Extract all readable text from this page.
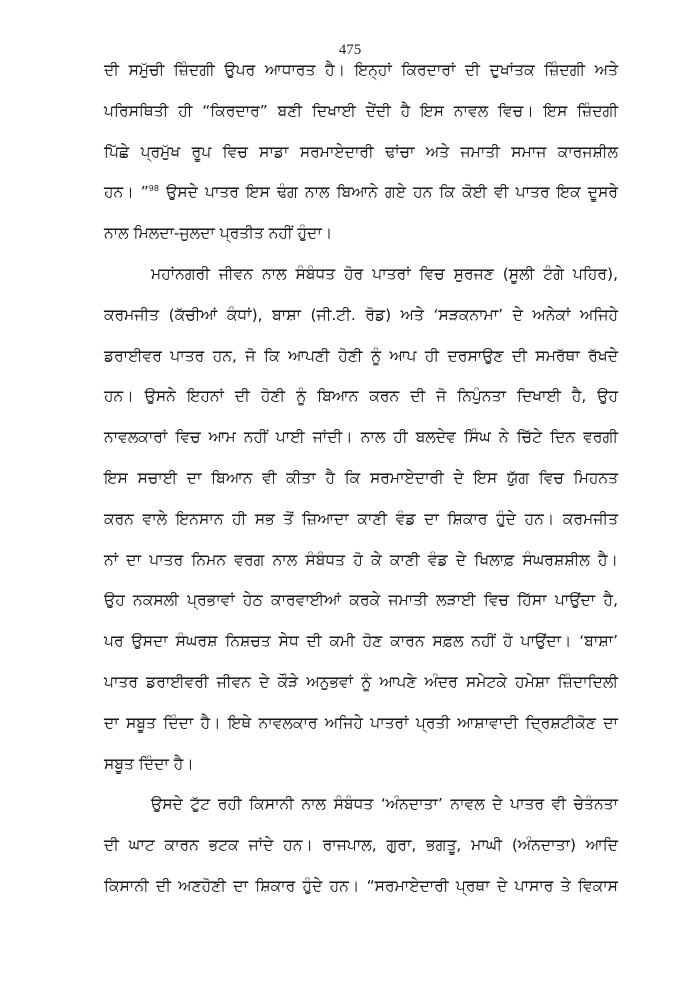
475
ਦੀ ਸਮੁੱਚੀ ਜ਼ਿੰਦਗੀ ਉਪਰ ਆਧਾਰਤ ਹੈ। ਇਨ੍ਹਾਂ ਕਿਰਦਾਰਾਂ ਦੀ ਦੁਖਾਂਤਕ ਜ਼ਿੰਦਗੀ ਅਤੇ
ਪਰਿਸਥਿਤੀ ਹੀ “ਕਿਰਦਾਰ” ਬਣੀ ਦਿਖਾਈ ਦੇਂਦੀ ਹੈ ਇਸ ਨਾਵਲ ਵਿਚ। ਇਸ ਜ਼ਿੰਦਗੀ
ਪਿੱਛੇ ਪ੍ਰਮੁੱਖ ਰੂਪ ਵਿਚ ਸਾਡਾ ਸਰਮਾਏਦਾਰੀ ਢਾਂਚਾ ਅਤੇ ਜਮਾਤੀ ਸਮਾਜ ਕਾਰਜਸ਼ੀਲ
ਹਨ। ”$^{98}$ ਉਸਦੇ ਪਾਤਰ ਇਸ ਢੰਗ ਨਾਲ ਬਿਆਨੇ ਗਏ ਹਨ ਕਿ ਕੋਈ ਵੀ ਪਾਤਰ ਇਕ ਦੂਸਰੇ
ਨਾਲ ਮਿਲਦਾ-ਜੁਲਦਾ ਪ੍ਰਤੀਤ ਨਹੀਂ ਹੁੰਦਾ।
ਮਹਾਂਨਗਰੀ ਜੀਵਨ ਨਾਲ ਸੰਬੰਧਤ ਹੋਰ ਪਾਤਰਾਂ ਵਿਚ ਸੁਰਜਣ (ਸੂਲੀ ਟੰਗੇ ਪਹਿਰ),
ਕਰਮਜੀਤ (ਕੱਚੀਆਂ ਕੰਧਾਂ), ਬਾਸ਼ਾ (ਜੀ.ਟੀ. ਰੋਡ) ਅਤੇ ‘ਸੜਕਨਾਮਾ’ ਦੇ ਅਨੇਕਾਂ ਅਜਿਹੇ
ਡਰਾਈਵਰ ਪਾਤਰ ਹਨ, ਜੋ ਕਿ ਆਪਣੀ ਹੋਣੀ ਨੂੰ ਆਪ ਹੀ ਦਰਸਾਉਣ ਦੀ ਸਮਰੱਥਾ ਰੱਖਦੇ
ਹਨ। ਉਸਨੇ ਇਹਨਾਂ ਦੀ ਹੋਣੀ ਨੂੰ ਬਿਆਨ ਕਰਨ ਦੀ ਜੋ ਨਿਪੁੰਨਤਾ ਦਿਖਾਈ ਹੈ, ਉਹ
ਨਾਵਲਕਾਰਾਂ ਵਿਚ ਆਮ ਨਹੀਂ ਪਾਈ ਜਾਂਦੀ। ਨਾਲ ਹੀ ਬਲਦੇਵ ਸਿੰਘ ਨੇ ਚਿੱਟੇ ਦਿਨ ਵਰਗੀ
ਇਸ ਸਚਾਈ ਦਾ ਬਿਆਨ ਵੀ ਕੀਤਾ ਹੈ ਕਿ ਸਰਮਾਏਦਾਰੀ ਦੇ ਇਸ ਯੁੱਗ ਵਿਚ ਮਿਹਨਤ
ਕਰਨ ਵਾਲੇ ਇਨਸਾਨ ਹੀ ਸਭ ਤੋਂ ਜ਼ਿਆਦਾ ਕਾਣੀ ਵੰਡ ਦਾ ਸ਼ਿਕਾਰ ਹੁੰਦੇ ਹਨ। ਕਰਮਜੀਤ
ਨਾਂ ਦਾ ਪਾਤਰ ਨਿਮਨ ਵਰਗ ਨਾਲ ਸੰਬੰਧਤ ਹੋ ਕੇ ਕਾਣੀ ਵੰਡ ਦੇ ਖਿਲਾਫ਼ ਸੰਘਰਸ਼ਸ਼ੀਲ ਹੈ।
ਉਹ ਨਕਸਲੀ ਪ੍ਰਭਾਵਾਂ ਹੇਠ ਕਾਰਵਾਈਆਂ ਕਰਕੇ ਜਮਾਤੀ ਲੜਾਈ ਵਿਚ ਹਿੱਸਾ ਪਾਉਂਦਾ ਹੈ,
ਪਰ ਉਸਦਾ ਸੰਘਰਸ਼ ਨਿਸ਼ਚਤ ਸੇਧ ਦੀ ਕਮੀ ਹੋਣ ਕਾਰਨ ਸਫ਼ਲ ਨਹੀਂ ਹੋ ਪਾਉਂਦਾ। ‘ਬਾਸ਼ਾ’
ਪਾਤਰ ਡਰਾਈਵਰੀ ਜੀਵਨ ਦੇ ਕੌੜੇ ਅਨੁਭਵਾਂ ਨੂੰ ਆਪਣੇ ਅੰਦਰ ਸਮੇਟਕੇ ਹਮੇਸ਼ਾ ਜ਼ਿੰਦਾਦਿਲੀ
ਦਾ ਸਬੂਤ ਦਿੰਦਾ ਹੈ। ਇਥੇ ਨਾਵਲਕਾਰ ਅਜਿਹੇ ਪਾਤਰਾਂ ਪ੍ਰਤੀ ਆਸ਼ਾਵਾਦੀ ਦ੍ਰਿਸ਼ਟੀਕੋਣ ਦਾ
ਸਬੂਤ ਦਿੰਦਾ ਹੈ।
ਉਸਦੇ ਟੁੱਟ ਰਹੀ ਕਿਸਾਨੀ ਨਾਲ ਸੰਬੰਧਤ ‘ਅੰਨਦਾਤਾ’ ਨਾਵਲ ਦੇ ਪਾਤਰ ਵੀ ਚੇਤੰਨਤਾ
ਦੀ ਘਾਟ ਕਾਰਨ ਭਟਕ ਜਾਂਦੇ ਹਨ। ਰਾਜਪਾਲ, ਗੁਰਾ, ਭਗਤੂ, ਮਾਘੀ (ਅੰਨਦਾਤਾ) ਆਦਿ
ਕਿਸਾਨੀ ਦੀ ਅਣਹੋਣੀ ਦਾ ਸ਼ਿਕਾਰ ਹੁੰਦੇ ਹਨ। “ਸਰਮਾਏਦਾਰੀ ਪ੍ਰਥਾ ਦੇ ਪਾਸਾਰ ਤੇ ਵਿਕਾਸ
